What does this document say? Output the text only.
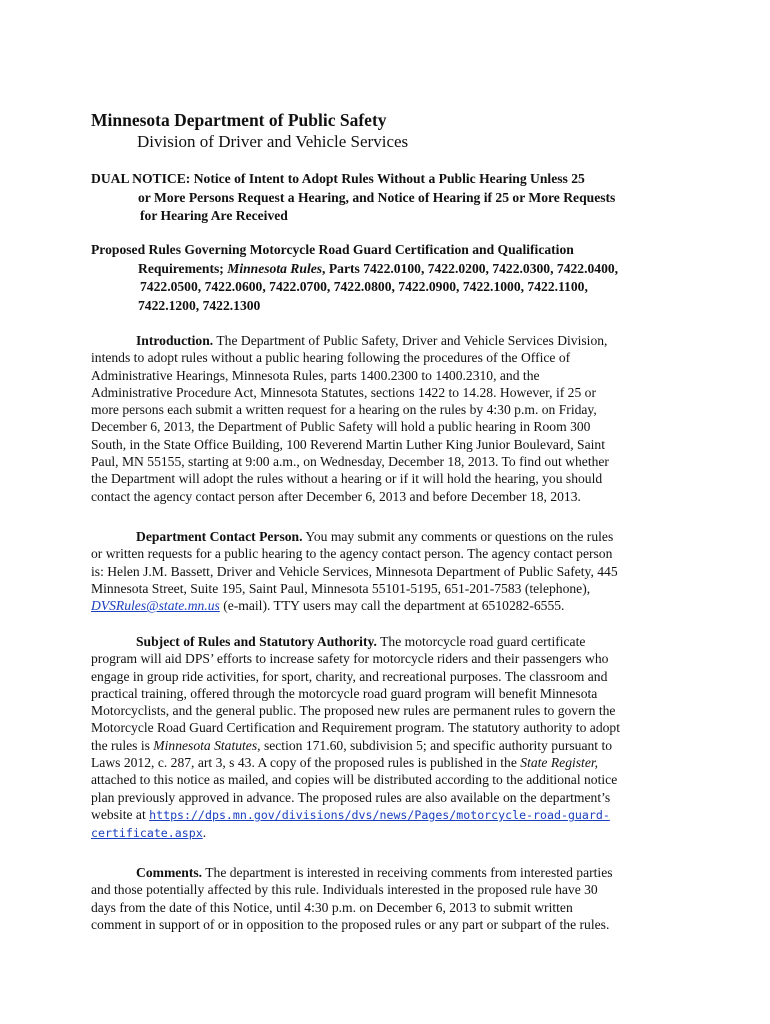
Minnesota Department of Public Safety
Division of Driver and Vehicle Services
DUAL NOTICE: Notice of Intent to Adopt Rules Without a Public Hearing Unless 25
or More Persons Request a Hearing, and Notice of Hearing if 25 or More Requests
for Hearing Are Received
Proposed Rules Governing Motorcycle Road Guard Certification and Qualification
Requirements; Minnesota Rules, Parts 7422.0100, 7422.0200, 7422.0300, 7422.0400,
7422.0500, 7422.0600, 7422.0700, 7422.0800, 7422.0900, 7422.1000, 7422.1100,
7422.1200, 7422.1300
Introduction. The Department of Public Safety, Driver and Vehicle Services Division,
intends to adopt rules without a public hearing following the procedures of the Office of
Administrative Hearings, Minnesota Rules, parts 1400.2300 to 1400.2310, and the
Administrative Procedure Act, Minnesota Statutes, sections 1422 to 14.28. However, if 25 or
more persons each submit a written request for a hearing on the rules by 4:30 p.m. on Friday,
December 6, 2013, the Department of Public Safety will hold a public hearing in Room 300
South, in the State Office Building, 100 Reverend Martin Luther King Junior Boulevard, Saint
Paul, MN 55155, starting at 9:00 a.m., on Wednesday, December 18, 2013. To find out whether
the Department will adopt the rules without a hearing or if it will hold the hearing, you should
contact the agency contact person after December 6, 2013 and before December 18, 2013.
Department Contact Person. You may submit any comments or questions on the rules
or written requests for a public hearing to the agency contact person. The agency contact person
is: Helen J.M. Bassett, Driver and Vehicle Services, Minnesota Department of Public Safety, 445
Minnesota Street, Suite 195, Saint Paul, Minnesota 55101-5195, 651-201-7583 (telephone),
DVSRules@state.mn.us (e-mail). TTY users may call the department at 6510282-6555.
Subject of Rules and Statutory Authority. The motorcycle road guard certificate
program will aid DPS’ efforts to increase safety for motorcycle riders and their passengers who
engage in group ride activities, for sport, charity, and recreational purposes. The classroom and
practical training, offered through the motorcycle road guard program will benefit Minnesota
Motorcyclists, and the general public. The proposed new rules are permanent rules to govern the
Motorcycle Road Guard Certification and Requirement program. The statutory authority to adopt
the rules is Minnesota Statutes, section 171.60, subdivision 5; and specific authority pursuant to
Laws 2012, c. 287, art 3, s 43. A copy of the proposed rules is published in the State Register,
attached to this notice as mailed, and copies will be distributed according to the additional notice
plan previously approved in advance. The proposed rules are also available on the department’s
website at https://dps.mn.gov/divisions/dvs/news/Pages/motorcycle-road-guard-
certificate.aspx.
Comments. The department is interested in receiving comments from interested parties
and those potentially affected by this rule. Individuals interested in the proposed rule have 30
days from the date of this Notice, until 4:30 p.m. on December 6, 2013 to submit written
comment in support of or in opposition to the proposed rules or any part or subpart of the rules.
